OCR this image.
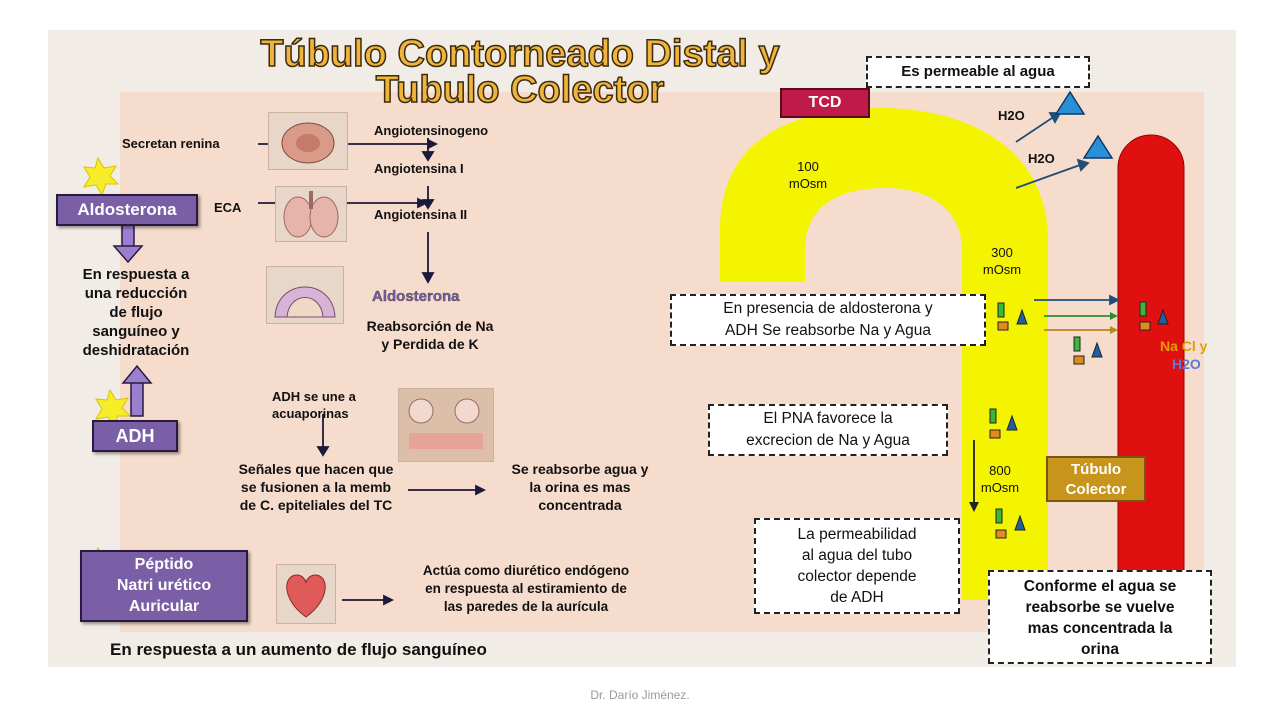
Túbulo Contorneado Distal y
Tubulo Colector
Aldosterona
En respuesta a
una reducción
de flujo
sanguíneo y
deshidratación
ADH
Péptido
Natri urético
Auricular
En respuesta a un aumento de flujo sanguíneo
Secretan renina
ECA
Angiotensinogeno
Angiotensina I
Angiotensina II
Aldosterona
Reabsorción de Na
y Perdida de K
ADH se une a
acuaporinas
Señales que hacen que
se fusionen a la memb
de C. epiteliales del TC
Se reabsorbe agua y
la orina es mas
concentrada
Actúa como diurético endógeno
en respuesta al estiramiento de
las paredes de la aurícula
TCD
Es permeable al agua
H2O
H2O
100
mOsm
300
mOsm
800
mOsm
En presencia de aldosterona y
ADH Se reabsorbe Na y Agua
El PNA favorece la
excrecion de Na y Agua
La permeabilidad
al agua del tubo
colector depende
de ADH
Túbulo
Colector
Na Cl y
H2O
Conforme el agua se
reabsorbe se vuelve
mas concentrada la
orina
Dr. Darío Jiménez.
